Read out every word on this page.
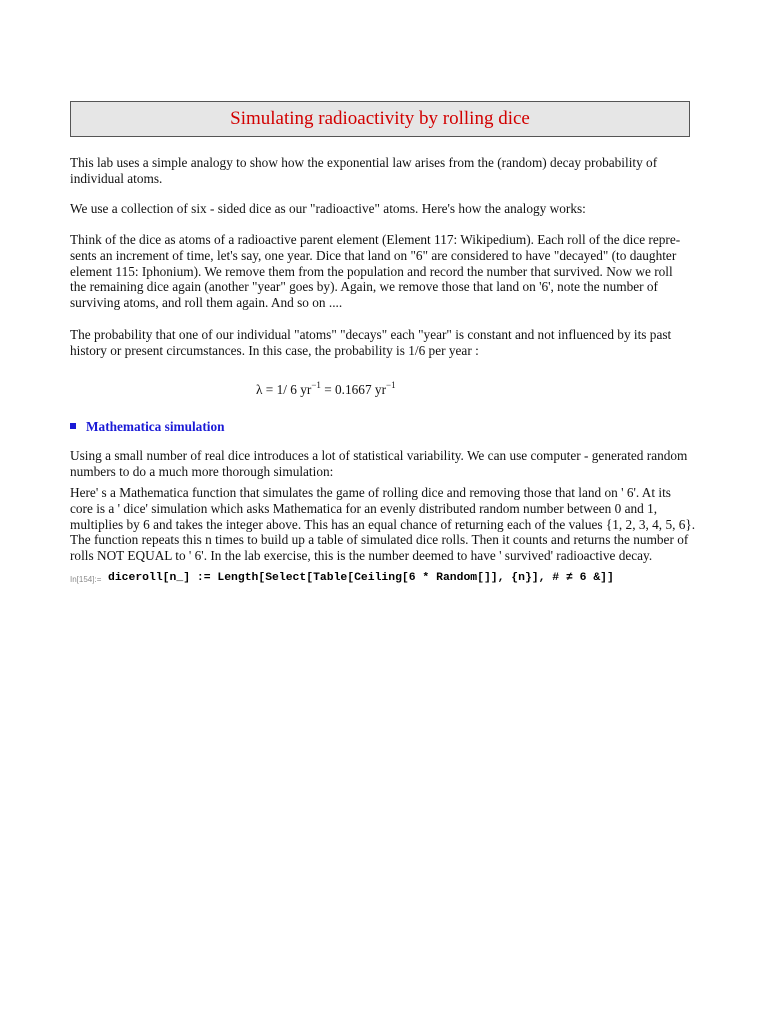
Simulating radioactivity by rolling dice
This lab uses a simple analogy to show how the exponential law arises from the (random) decay probability of
individual atoms.
We use a collection of six - sided dice as our "radioactive" atoms. Here's how the analogy works:
Think of the dice as atoms of a radioactive parent element (Element 117: Wikipedium). Each roll of the dice repre-
sents an increment of time, let's say, one year. Dice that land on "6" are considered to have "decayed" (to daughter
element 115: Iphonium). We remove them from the population and record the number that survived. Now we roll
the remaining dice again (another "year" goes by). Again, we remove those that land on '6', note the number of
surviving atoms, and roll them again. And so on ....
The probability that one of our individual "atoms" "decays" each "year" is constant and not influenced by its past
history or present circumstances. In this case, the probability is 1/6 per year :
λ = 1/ 6 $yr^{-1} = 0.1667$ $yr^{-1}$
Mathematica simulation
Using a small number of real dice introduces a lot of statistical variability. We can use computer - generated random
numbers to do a much more thorough simulation:
Here' s a Mathematica function that simulates the game of rolling dice and removing those that land on ' 6'. At its
core is a ' dice' simulation which asks Mathematica for an evenly distributed random number between 0 and 1,
multiplies by 6 and takes the integer above. This has an equal chance of returning each of the values {1, 2, 3, 4, 5, 6}.
The function repeats this n times to build up a table of simulated dice rolls. Then it counts and returns the number of
rolls NOT EQUAL to ' 6'. In the lab exercise, this is the number deemed to have ' survived' radioactive decay.
In[154]:= diceroll[n_] := Length[Select[Table[Ceiling[6 * Random[]], {n}], # ≠ 6 &]]
